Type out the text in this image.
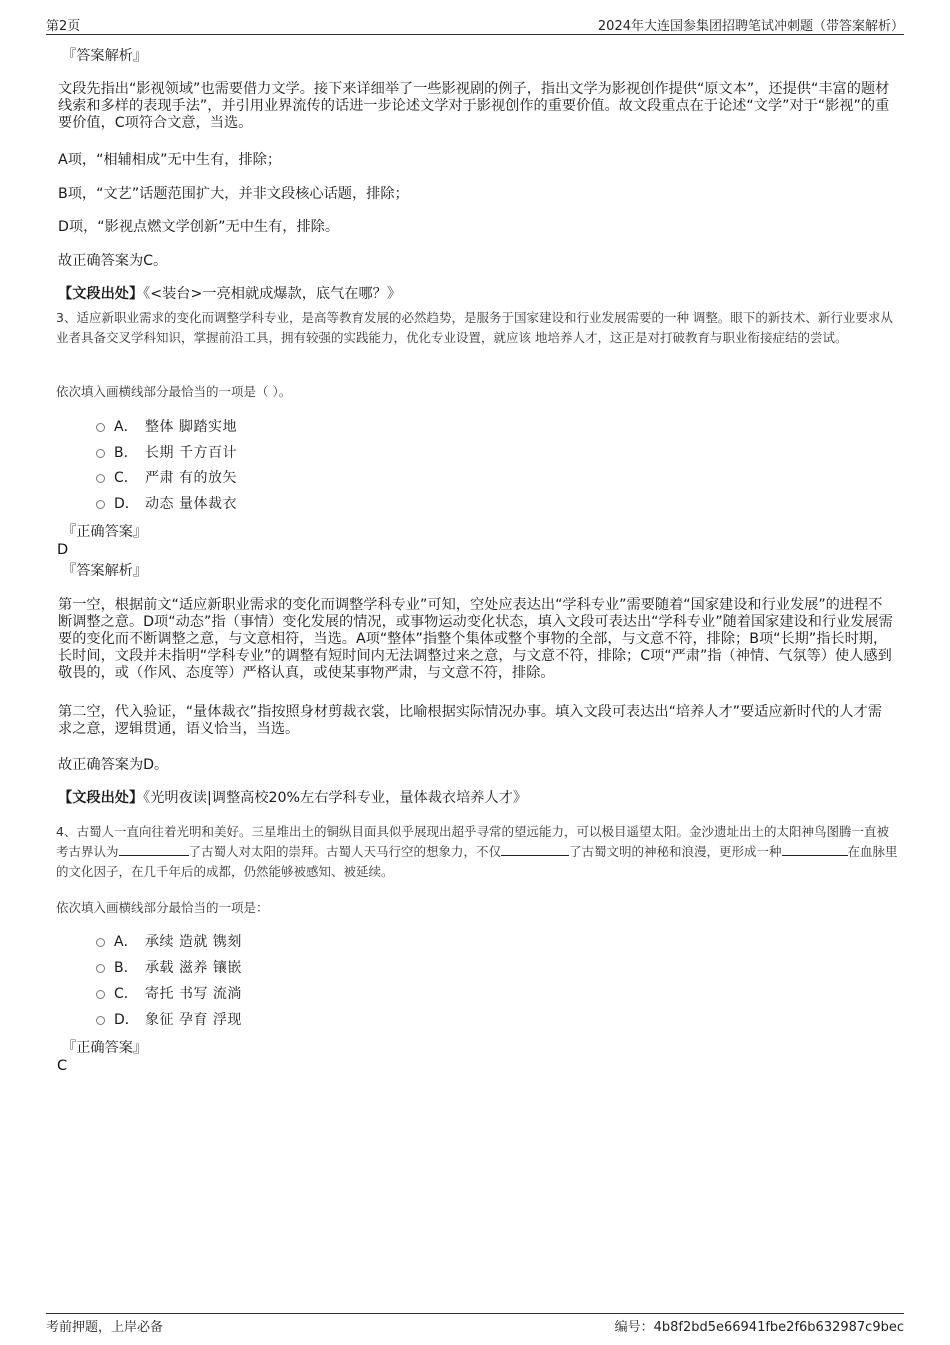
第2页	2024年大连国参集团招聘笔试冲刺题（带答案解析）

『答案解析』

文段先指出“影视领域”也需要借力文学。接下来详细举了一些影视剧的例子，指出文学为影视创作提供“原文本”，还提供“丰富的题材线索和多样的表现手法”，并引用业界流传的话进一步论述文学对于影视创作的重要价值。故文段重点在于论述“文学”对于“影视”的重要价值，C项符合文意，当选。

A项，“相辅相成”无中生有，排除；

B项，“文艺”话题范围扩大，并非文段核心话题，排除；

D项，“影视点燃文学创新”无中生有，排除。

故正确答案为C。

【文段出处】《<装台>一亮相就成爆款，底气在哪？》

3、适应新职业需求的变化而调整学科专业，是高等教育发展的必然趋势，是服务于国家建设和行业发展需要的一种 调整。眼下的新技术、新行业要求从业者具备交叉学科知识，掌握前沿工具，拥有较强的实践能力，优化专业设置，就应该 地培养人才，这正是对打破教育与职业衔接症结的尝试。

依次填入画横线部分最恰当的一项是（ ）。

A． 整体 脚踏实地
B． 长期 千方百计
C． 严肃 有的放矢
D． 动态 量体裁衣

『正确答案』

D

『答案解析』

第一空，根据前文“适应新职业需求的变化而调整学科专业”可知，空处应表达出“学科专业”需要随着“国家建设和行业发展”的进程不断调整之意。D项“动态”指（事情）变化发展的情况，或事物运动变化状态，填入文段可表达出“学科专业”随着国家建设和行业发展需要的变化而不断调整之意，与文意相符，当选。A项“整体”指整个集体或整个事物的全部，与文意不符，排除；B项“长期”指长时期，长时间，文段并未指明“学科专业”的调整有短时间内无法调整过来之意，与文意不符，排除；C项“严肃”指（神情、气氛等）使人感到敬畏的，或（作风、态度等）严格认真，或使某事物严肃，与文意不符，排除。

第二空，代入验证，“量体裁衣”指按照身材剪裁衣裳，比喻根据实际情况办事。填入文段可表达出“培养人才”要适应新时代的人才需求之意，逻辑贯通，语义恰当，当选。

故正确答案为D。

【文段出处】《光明夜读|调整高校20%左右学科专业，量体裁衣培养人才》

4、古蜀人一直向往着光明和美好。三星堆出土的铜纵目面具似乎展现出超乎寻常的望远能力，可以极目遥望太阳。金沙遗址出土的太阳神鸟图腾一直被考古界认为	了古蜀人对太阳的崇拜。古蜀人天马行空的想象力，不仅	了古蜀文明的神秘和浪漫，更形成一种	在血脉里的文化因子，在几千年后的成都，仍然能够被感知、被延续。

依次填入画横线部分最恰当的一项是：

A． 承续 造就 镌刻
B． 承载 滋养 镶嵌
C． 寄托 书写 流淌
D． 象征 孕育 浮现

『正确答案』

C

考前押题，上岸必备	编号：4b8f2bd5e66941fbe2f6b632987c9bec
